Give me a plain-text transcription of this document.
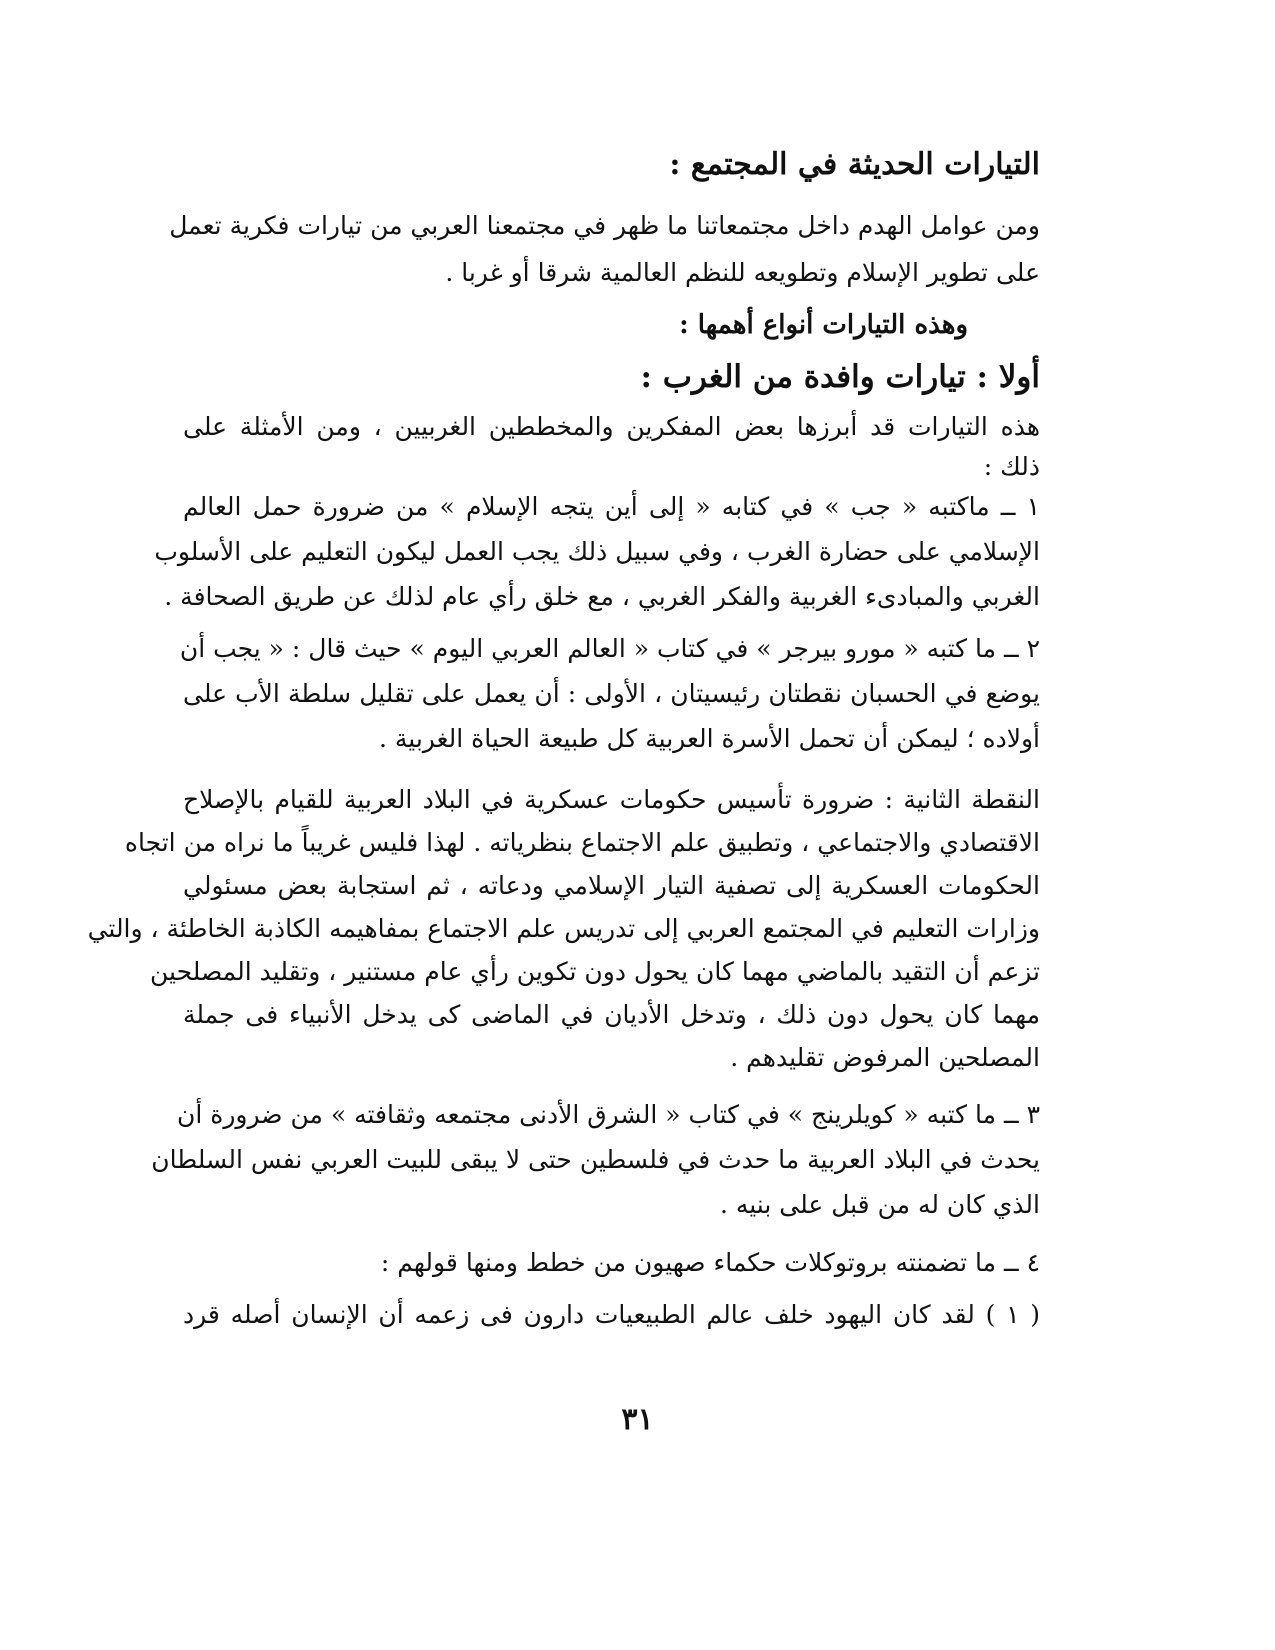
التيارات الحديثة في المجتمع :
ومن عوامل الهدم داخل مجتمعاتنا ما ظهر في مجتمعنا العربي من تيارات فكرية تعمل
على تطوير الإسلام وتطويعه للنظم العالمية شرقا أو غربا .
وهذه التيارات أنواع أهمها :
أولا : تيارات وافدة من الغرب :
هذه التيارات قد أبرزها بعض المفكرين والمخططين الغربيين ، ومن الأمثلة على
ذلك :
١ ــ ماكتبه « جب » في كتابه « إلى أين يتجه الإسلام » من ضرورة حمل العالم
الإسلامي على حضارة الغرب ، وفي سبيل ذلك يجب العمل ليكون التعليم على الأسلوب
الغربي والمبادىء الغربية والفكر الغربي ، مع خلق رأي عام لذلك عن طريق الصحافة .
٢ ــ ما كتبه « مورو بيرجر » في كتاب « العالم العربي اليوم » حيث قال : « يجب أن
يوضع في الحسبان نقطتان رئيسيتان ، الأولى : أن يعمل على تقليل سلطة الأب على
أولاده ؛ ليمكن أن تحمل الأسرة العربية كل طبيعة الحياة الغربية .
النقطة الثانية : ضرورة تأسيس حكومات عسكرية في البلاد العربية للقيام بالإصلاح
الاقتصادي والاجتماعي ، وتطبيق علم الاجتماع بنظرياته . لهذا فليس غريباً ما نراه من اتجاه
الحكومات العسكرية إلى تصفية التيار الإسلامي ودعاته ، ثم استجابة بعض مسئولي
وزارات التعليم في المجتمع العربي إلى تدريس علم الاجتماع بمفاهيمه الكاذبة الخاطئة ، والتي
تزعم أن التقيد بالماضي مهما كان يحول دون تكوين رأي عام مستنير ، وتقليد المصلحين
مهما كان يحول دون ذلك ، وتدخل الأديان في الماضى كى يدخل الأنبياء فى جملة
المصلحين المرفوض تقليدهم .
٣ ــ ما كتبه « كويلرينج » في كتاب « الشرق الأدنى مجتمعه وثقافته » من ضرورة أن
يحدث في البلاد العربية ما حدث في فلسطين حتى لا يبقى للبيت العربي نفس السلطان
الذي كان له من قبل على بنيه .
٤ ــ ما تضمنته بروتوكلات حكماء صهيون من خطط ومنها قولهم :
( ١ ) لقد كان اليهود خلف عالم الطبيعيات دارون فى زعمه أن الإنسان أصله قرد
٣١
